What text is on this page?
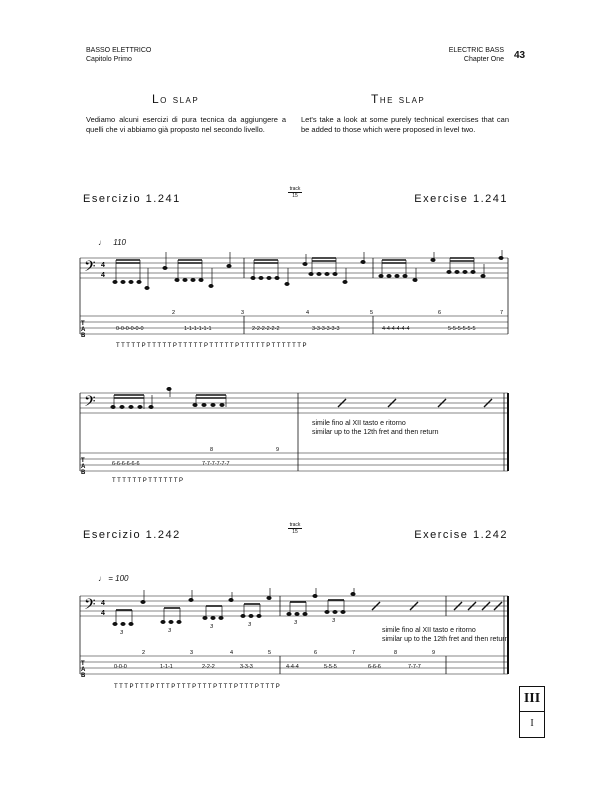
BASSO ELETTRICO
Capitolo Primo
ELECTRIC BASS
Chapter One 43
Lo slap	The slap
Vediamo alcuni esercizi di pura tecnica da aggiungere a quelli che vi abbiamo già proposto nel secondo livello.
Let's take a look at some purely technical exercises that can be added to those which were proposed in level two.
Esercizio 1.241	Exercise 1.241
track
15
♩ 110
𝄢 4
4
T
A
B
2	3	4	5	6	7
0-0-0-0-0-0	1-1-1-1-1-1	2-2-2-2-2-2	3-3-3-3-3-3	4-4-4-4-4-4	5-5-5-5-5-5
T T T T T P T T T T T P T T T T T P T T T T T P T T T T T P T T T T T T P
𝄢
T
A
B
8	9
6-6-6-6-6-6	7-7-7-7-7-7
T T T T T T P T T T T T T P
simile fino al XII tasto e ritorno
similar up to the 12th fret and then return
Esercizio 1.242	Exercise 1.242
track
15
♩ = 100
𝄢 4
4
3	3
3	3	3	3
T
A
B
2	3	4	5	6	7	8	9
0-0-0	1-1-1	2-2-2	3-3-3	4-4-4	5-5-5	6-6-6	7-7-7
T T T P T T T P T T T P T T T P T T T P T T T P T T T P T T T P
simile fino al XII tasto e ritorno
similar up to the 12th fret and then return
III
I
